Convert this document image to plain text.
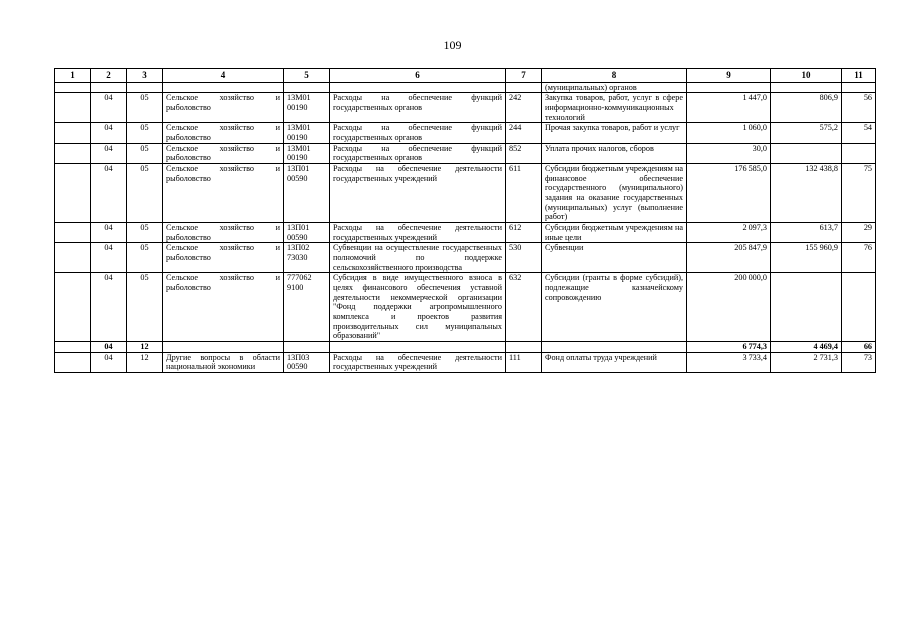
109
1	2	3	4	5	6	7	8	9	10	11
							(муниципальных) органов			
	04	05	Сельское хозяйство и рыболовство	13М01 00190	Расходы на обеспечение функций государственных органов	242	Закупка товаров, работ, услуг в сфере информационно-коммуникационных технологий	1 447,0	806,9	56
	04	05	Сельское хозяйство и рыболовство	13М01 00190	Расходы на обеспечение функций государственных органов	244	Прочая закупка товаров, работ и услуг	1 060,0	575,2	54
	04	05	Сельское хозяйство и рыболовство	13М01 00190	Расходы на обеспечение функций государственных органов	852	Уплата прочих налогов, сборов	30,0		
	04	05	Сельское хозяйство и рыболовство	13П01 00590	Расходы на обеспечение деятельности государственных учреждений	611	Субсидии бюджетным учреждениям на финансовое обеспечение государственного (муниципального) задания на оказание государственных (муниципальных) услуг (выполнение работ)	176 585,0	132 438,8	75
	04	05	Сельское хозяйство и рыболовство	13П01 00590	Расходы на обеспечение деятельности государственных учреждений	612	Субсидии бюджетным учреждениям на иные цели	2 097,3	613,7	29
	04	05	Сельское хозяйство и рыболовство	13П02 73030	Субвенции на осуществление государственных полномочий по поддержке сельскохозяйственного производства	530	Субвенции	205 847,9	155 960,9	76
	04	05	Сельское хозяйство и рыболовство	777062 9100	Субсидия в виде имущественного взноса в целях финансового обеспечения уставной деятельности некоммерческой организации "Фонд поддержки агропромышленного комплекса и проектов развития производительных сил муниципальных образований"	632	Субсидии (гранты в форме субсидий), подлежащие казначейскому сопровождению	200 000,0		
	04	12						6 774,3	4 469,4	66
	04	12	Другие вопросы в области национальной экономики	13П03 00590	Расходы на обеспечение деятельности государственных учреждений	111	Фонд оплаты труда учреждений	3 733,4	2 731,3	73
